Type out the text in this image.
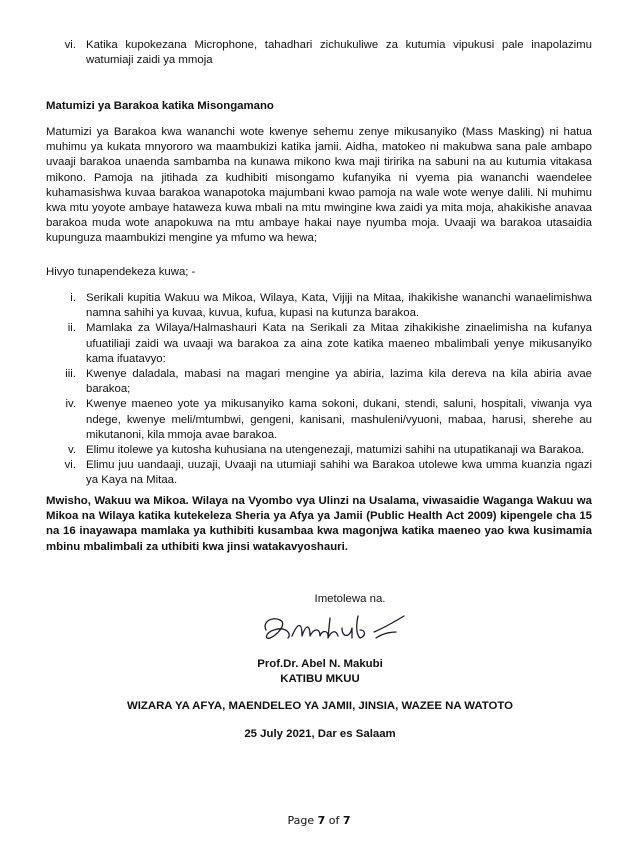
vi. Katika kupokezana Microphone, tahadhari zichukuliwe za kutumia vipukusi pale inapolazimu watumiaji zaidi ya mmoja
Matumizi ya Barakoa katika Misongamano
Matumizi ya Barakoa kwa wananchi wote kwenye sehemu zenye mikusanyiko (Mass Masking) ni hatua muhimu ya kukata mnyororo wa maambukizi katika jamii. Aidha, matokeo ni makubwa sana pale ambapo uvaaji barakoa unaenda sambamba na kunawa mikono kwa maji tiririka na sabuni na au kutumia vitakasa mikono. Pamoja na jitihada za kudhibiti misongamo kufanyika ni vyema pia wananchi waendelee kuhamasishwa kuvaa barakoa wanapotoka majumbani kwao pamoja na wale wote wenye dalili. Ni muhimu kwa mtu yoyote ambaye hataweza kuwa mbali na mtu mwingine kwa zaidi ya mita moja, ahakikishe anavaa barakoa muda wote anapokuwa na mtu ambaye hakai naye nyumba moja. Uvaaji wa barakoa utasaidia kupunguza maambukizi mengine ya mfumo wa hewa;
Hivyo tunapendekeza kuwa; -
i. Serikali kupitia Wakuu wa Mikoa, Wilaya, Kata, Vijiji na Mitaa, ihakikishe wananchi wanaelimishwa namna sahihi ya kuvaa, kuvua, kufua, kupasi na kutunza barakoa.
ii. Mamlaka za Wilaya/Halmashauri Kata na Serikali za Mitaa zihakikishe zinaelimisha na kufanya ufuatiliaji zaidi wa uvaaji wa barakoa za aina zote katika maeneo mbalimbali yenye mikusanyiko kama ifuatavyo:
iii. Kwenye daladala, mabasi na magari mengine ya abiria, lazima kila dereva na kila abiria avae barakoa;
iv. Kwenye maeneo yote ya mikusanyiko kama sokoni, dukani, stendi, saluni, hospitali, viwanja vya ndege, kwenye meli/mtumbwi, gengeni, kanisani, mashuleni/vyuoni, mabaa, harusi, sherehe au mikutanoni, kila mmoja avae barakoa.
v. Elimu itolewe ya kutosha kuhusiana na utengenezaji, matumizi sahihi na utupatikanaji wa Barakoa.
vi. Elimu juu uandaaji, uuzaji, Uvaaji na utumiaji sahihi wa Barakoa utolewe kwa umma kuanzia ngazi ya Kaya na Mitaa.
Mwisho, Wakuu wa Mikoa. Wilaya na Vyombo vya Ulinzi na Usalama, viwasaidie Waganga Wakuu wa Mikoa na Wilaya katika kutekeleza Sheria ya Afya ya Jamii (Public Health Act 2009) kipengele cha 15 na 16 inayawapa mamlaka ya kuthibiti kusambaa kwa magonjwa katika maeneo yao kwa kusimamia mbinu mbalimbali za uthibiti kwa jinsi watakavyoshauri.
Imetolewa na.
Prof.Dr. Abel N. Makubi
KATIBU MKUU
WIZARA YA AFYA, MAENDELEO YA JAMII, JINSIA, WAZEE NA WATOTO
25 July 2021, Dar es Salaam
Page 7 of 7
